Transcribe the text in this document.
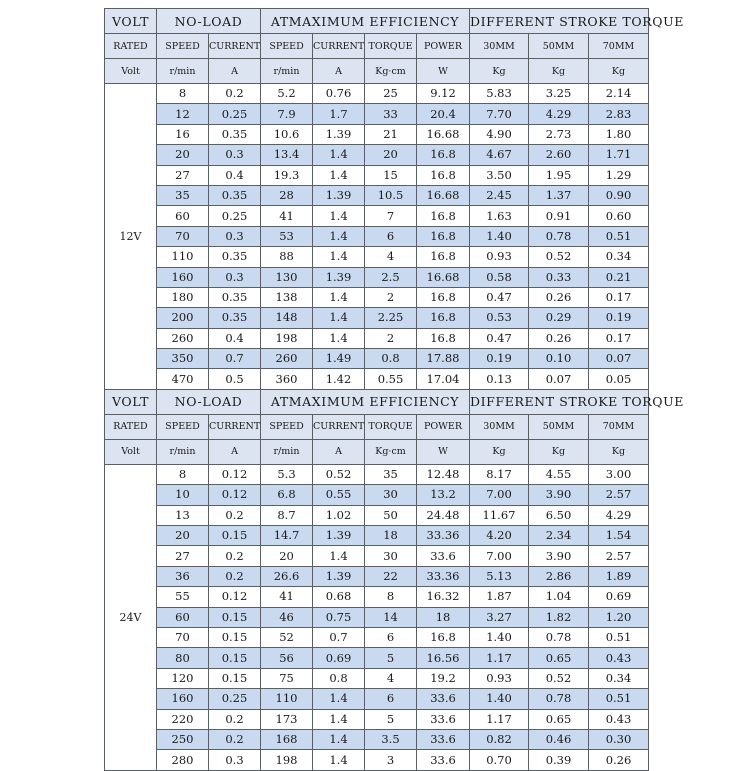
VOLT	NO-LOAD		ATMAXIMUM EFFICIENCY				DIFFERENT STROKE TORQUE		
RATED	SPEED	CURRENT	SPEED	CURRENT	TORQUE	POWER	30MM	50MM	70MM
Volt	r/min	A	r/min	A	Kg·cm	W	Kg	Kg	Kg
12V	8	0.2	5.2	0.76	25	9.12	5.83	3.25	2.14
	12	0.25	7.9	1.7	33	20.4	7.70	4.29	2.83
	16	0.35	10.6	1.39	21	16.68	4.90	2.73	1.80
	20	0.3	13.4	1.4	20	16.8	4.67	2.60	1.71
	27	0.4	19.3	1.4	15	16.8	3.50	1.95	1.29
	35	0.35	28	1.39	10.5	16.68	2.45	1.37	0.90
	60	0.25	41	1.4	7	16.8	1.63	0.91	0.60
	70	0.3	53	1.4	6	16.8	1.40	0.78	0.51
	110	0.35	88	1.4	4	16.8	0.93	0.52	0.34
	160	0.3	130	1.39	2.5	16.68	0.58	0.33	0.21
	180	0.35	138	1.4	2	16.8	0.47	0.26	0.17
	200	0.35	148	1.4	2.25	16.8	0.53	0.29	0.19
	260	0.4	198	1.4	2	16.8	0.47	0.26	0.17
	350	0.7	260	1.49	0.8	17.88	0.19	0.10	0.07
	470	0.5	360	1.42	0.55	17.04	0.13	0.07	0.05
VOLT	NO-LOAD		ATMAXIMUM EFFICIENCY				DIFFERENT STROKE TORQUE		
RATED	SPEED	CURRENT	SPEED	CURRENT	TORQUE	POWER	30MM	50MM	70MM
Volt	r/min	A	r/min	A	Kg·cm	W	Kg	Kg	Kg
24V	8	0.12	5.3	0.52	35	12.48	8.17	4.55	3.00
	10	0.12	6.8	0.55	30	13.2	7.00	3.90	2.57
	13	0.2	8.7	1.02	50	24.48	11.67	6.50	4.29
	20	0.15	14.7	1.39	18	33.36	4.20	2.34	1.54
	27	0.2	20	1.4	30	33.6	7.00	3.90	2.57
	36	0.2	26.6	1.39	22	33.36	5.13	2.86	1.89
	55	0.12	41	0.68	8	16.32	1.87	1.04	0.69
	60	0.15	46	0.75	14	18	3.27	1.82	1.20
	70	0.15	52	0.7	6	16.8	1.40	0.78	0.51
	80	0.15	56	0.69	5	16.56	1.17	0.65	0.43
	120	0.15	75	0.8	4	19.2	0.93	0.52	0.34
	160	0.25	110	1.4	6	33.6	1.40	0.78	0.51
	220	0.2	173	1.4	5	33.6	1.17	0.65	0.43
	250	0.2	168	1.4	3.5	33.6	0.82	0.46	0.30
	280	0.3	198	1.4	3	33.6	0.70	0.39	0.26
